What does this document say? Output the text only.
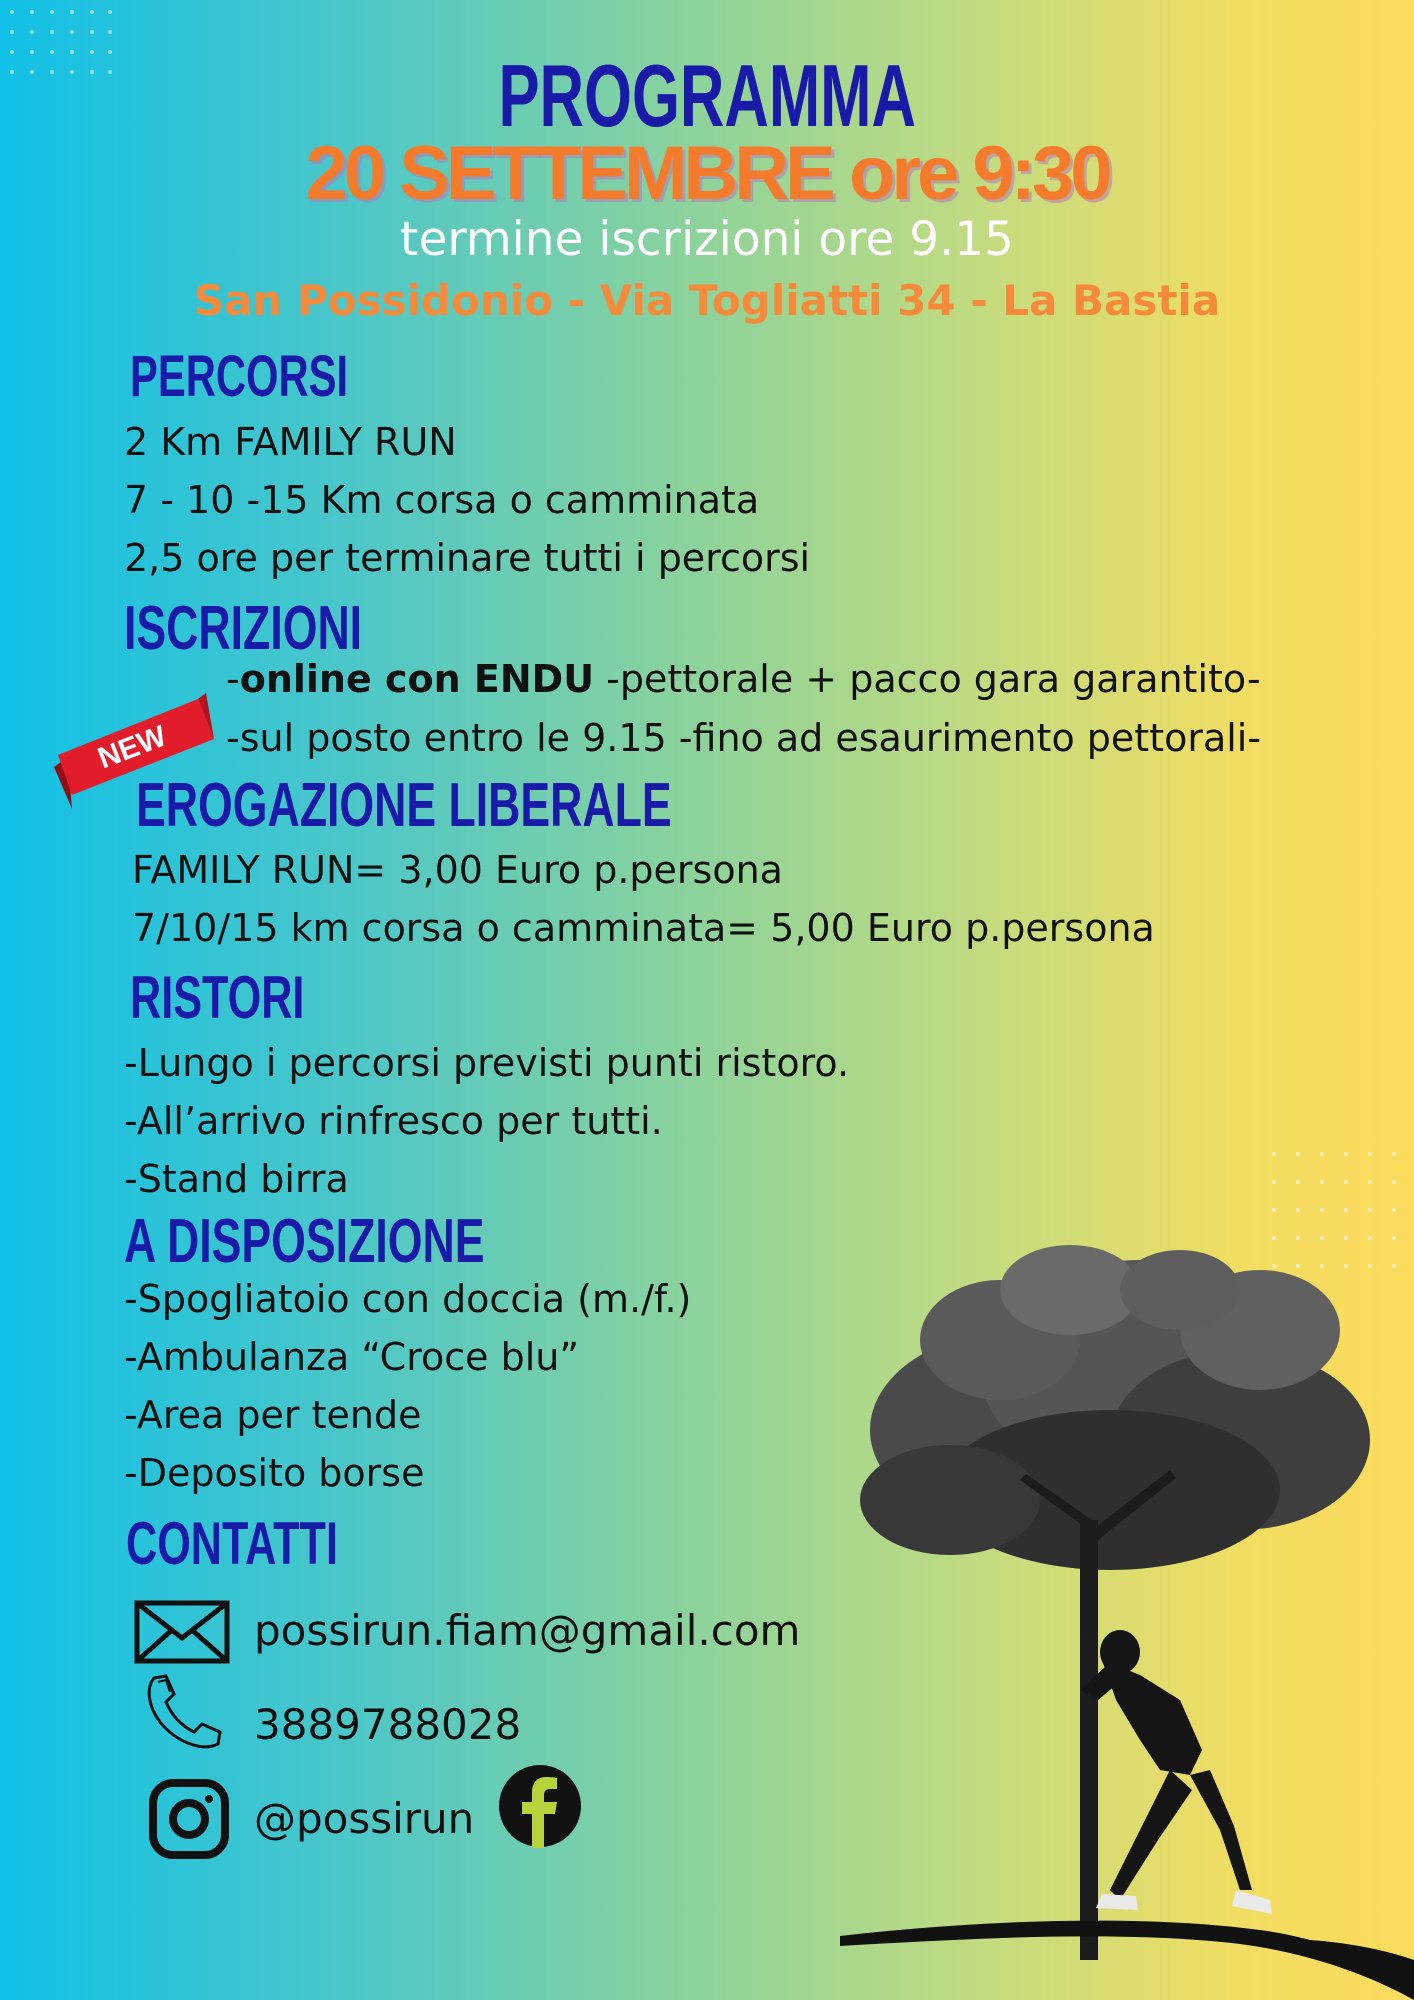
PROGRAMMA
20 SETTEMBRE ore 9:30
termine iscrizioni ore 9.15
San Possidonio - Via Togliatti 34 - La Bastia
PERCORSI

2 Km FAMILY RUN

7 - 10 -15 Km corsa o camminata

2,5 ore per terminare tutti i percorsi

ISCRIZIONI
NEW

-online con ENDU -pettorale + pacco gara garantito-

-sul posto entro le 9.15 -fino ad esaurimento pettorali-

EROGAZIONE LIBERALE

FAMILY RUN= 3,00 Euro p.persona

7/10/15 km corsa o camminata= 5,00 Euro p.persona

RISTORI

-Lungo i percorsi previsti punti ristoro.

-All’arrivo rinfresco per tutti.

-Stand birra

A DISPOSIZIONE

-Spogliatoio con doccia (m./f.)

-Ambulanza “Croce blu”

-Area per tende

-Deposito borse

CONTATTI
possirun.fiam@gmail.com
3889788028
@possirun
